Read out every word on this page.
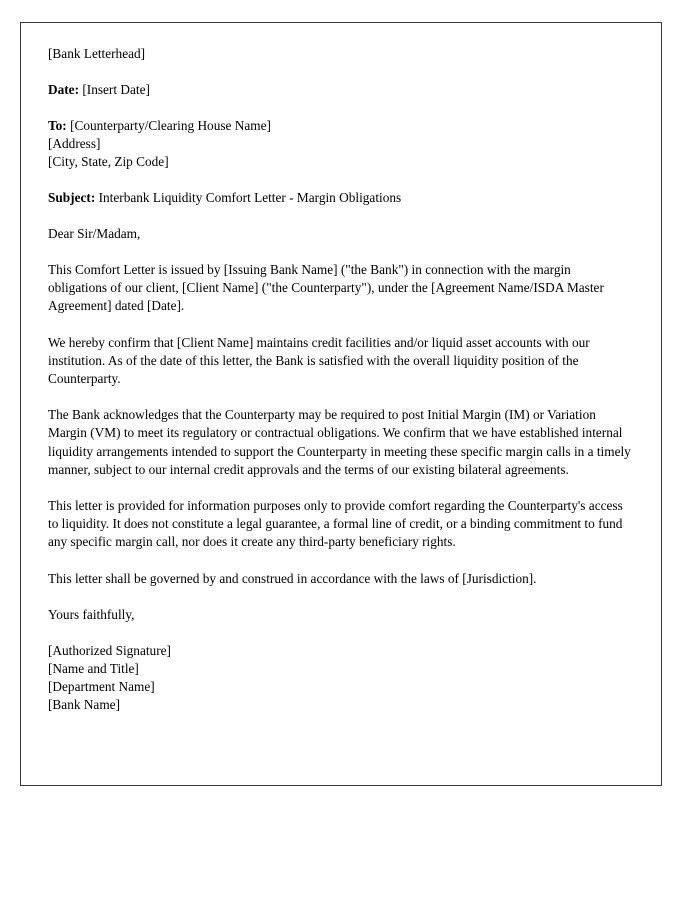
[Bank Letterhead]
Date: [Insert Date]
To: [Counterparty/Clearing House Name]
[Address]
[City, State, Zip Code]
Subject: Interbank Liquidity Comfort Letter - Margin Obligations
Dear Sir/Madam,
This Comfort Letter is issued by [Issuing Bank Name] ("the Bank") in connection with the margin obligations of our client, [Client Name] ("the Counterparty"), under the [Agreement Name/ISDA Master Agreement] dated [Date].
We hereby confirm that [Client Name] maintains credit facilities and/or liquid asset accounts with our institution. As of the date of this letter, the Bank is satisfied with the overall liquidity position of the Counterparty.
The Bank acknowledges that the Counterparty may be required to post Initial Margin (IM) or Variation Margin (VM) to meet its regulatory or contractual obligations. We confirm that we have established internal liquidity arrangements intended to support the Counterparty in meeting these specific margin calls in a timely manner, subject to our internal credit approvals and the terms of our existing bilateral agreements.
This letter is provided for information purposes only to provide comfort regarding the Counterparty's access to liquidity. It does not constitute a legal guarantee, a formal line of credit, or a binding commitment to fund any specific margin call, nor does it create any third-party beneficiary rights.
This letter shall be governed by and construed in accordance with the laws of [Jurisdiction].
Yours faithfully,
[Authorized Signature]
[Name and Title]
[Department Name]
[Bank Name]
